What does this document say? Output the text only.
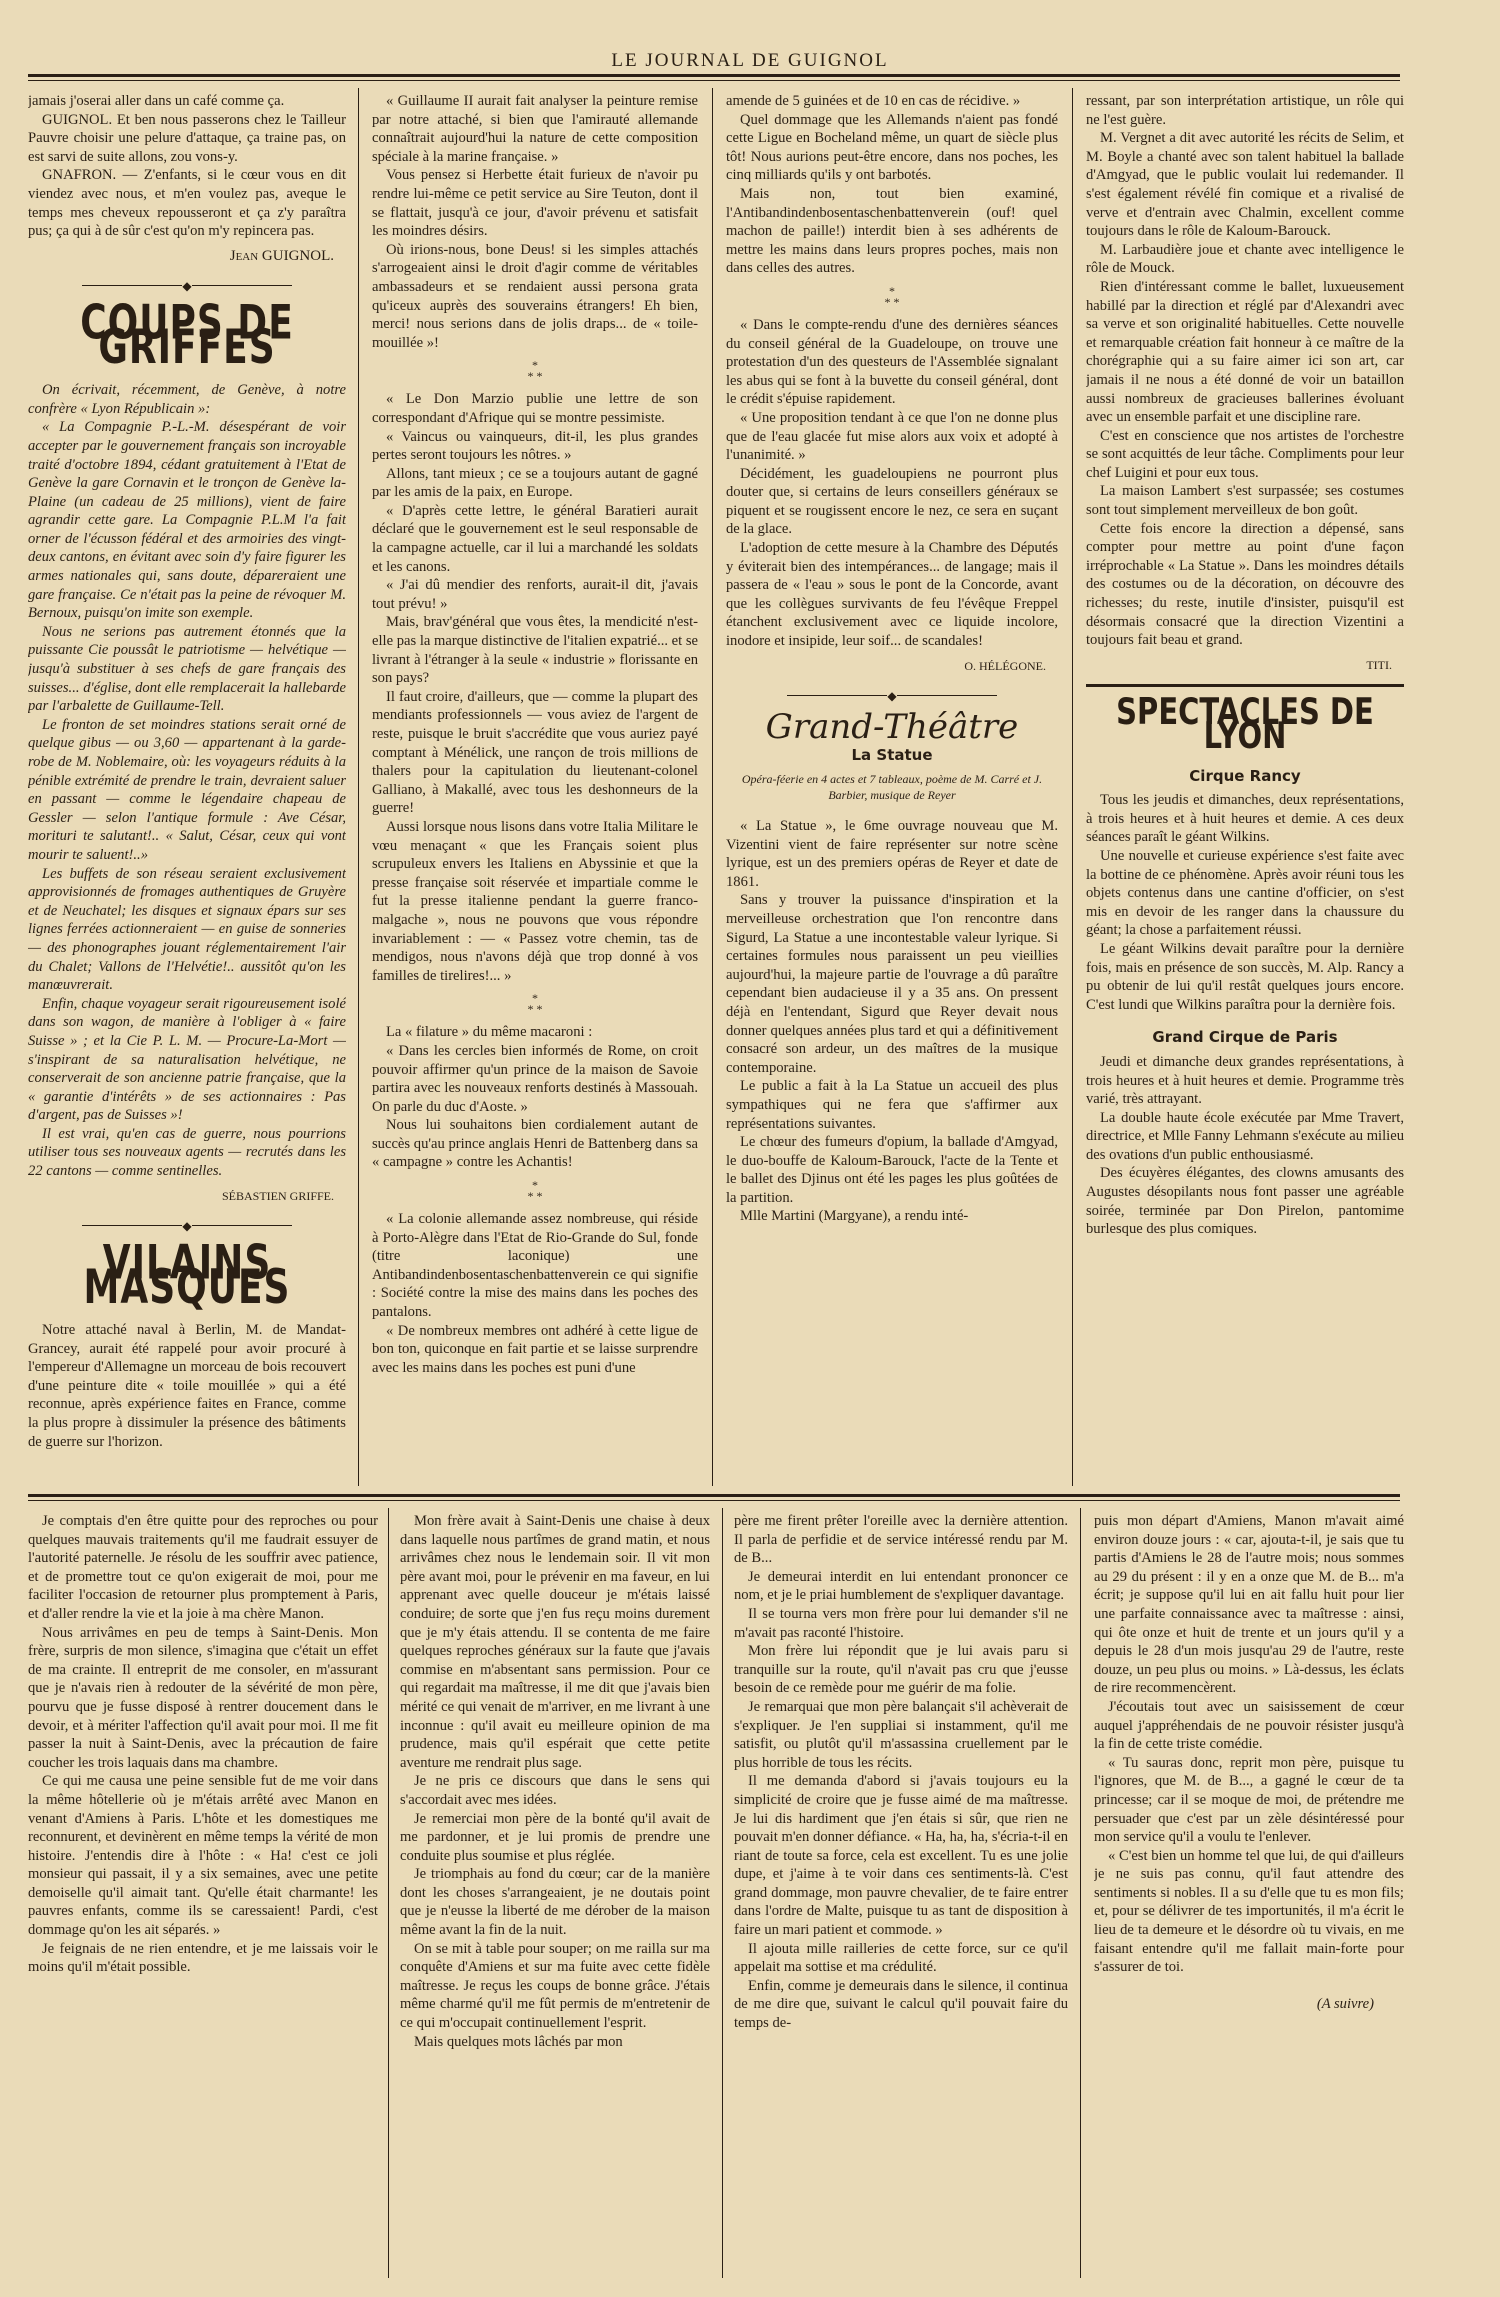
LE JOURNAL DE GUIGNOL

jamais j'oserai aller dans un café comme ça.

GUIGNOL. Et ben nous passerons chez le Tailleur Pauvre choisir une pelure d'attaque, ça traine pas, on est sarvi de suite allons, zou vons-y.

GNAFRON. — Z'enfants, si le cœur vous en dit viendez avec nous, et m'en voulez pas, aveque le temps mes cheveux repousseront et ça z'y paraîtra pus; ça qui à de sûr c'est qu'on m'y repincera pas.

Jean GUIGNOL.
◆
COUPS DE GRIFFES

On écrivait, récemment, de Genève, à notre confrère « Lyon Républicain »:

« La Compagnie P.-L.-M. désespérant de voir accepter par le gouvernement français son incroyable traité d'octobre 1894, cédant gratuitement à l'Etat de Genève la gare Cornavin et le tronçon de Genève la-Plaine (un cadeau de 25 millions), vient de faire agrandir cette gare. La Compagnie P.L.M l'a fait orner de l'écusson fédéral et des armoiries des vingt-deux cantons, en évitant avec soin d'y faire figurer les armes nationales qui, sans doute, dépareraient une gare française. Ce n'était pas la peine de révoquer M. Bernoux, puisqu'on imite son exemple.

Nous ne serions pas autrement étonnés que la puissante Cie poussât le patriotisme — helvétique — jusqu'à substituer à ses chefs de gare français des suisses... d'église, dont elle remplacerait la hallebarde par l'arbalette de Guillaume-Tell.

Le fronton de set moindres stations serait orné de quelque gibus — ou 3,60 — appartenant à la garde-robe de M. Noblemaire, où: les voyageurs réduits à la pénible extrémité de prendre le train, devraient saluer en passant — comme le légendaire chapeau de Gessler — selon l'antique formule : Ave César, morituri te salutant!.. « Salut, César, ceux qui vont mourir te saluent!..»

Les buffets de son réseau seraient exclusivement approvisionnés de fromages authentiques de Gruyère et de Neuchatel; les disques et signaux épars sur ses lignes ferrées actionneraient — en guise de sonneries — des phonographes jouant réglementairement l'air du Chalet; Vallons de l'Helvétie!.. aussitôt qu'on les manœuvrerait.

Enfin, chaque voyageur serait rigoureusement isolé dans son wagon, de manière à l'obliger à « faire Suisse » ; et la Cie P. L. M. — Procure-La-Mort — s'inspirant de sa naturalisation helvétique, ne conserverait de son ancienne patrie française, que la « garantie d'intérêts » de ses actionnaires : Pas d'argent, pas de Suisses »!

Il est vrai, qu'en cas de guerre, nous pourrions utiliser tous ses nouveaux agents — recrutés dans les 22 cantons — comme sentinelles.

SÉBASTIEN GRIFFE.
◆
VILAINS MASQUES

Notre attaché naval à Berlin, M. de Mandat-Grancey, aurait été rappelé pour avoir procuré à l'empereur d'Allemagne un morceau de bois recouvert d'une peinture dite « toile mouillée » qui a été reconnue, après expérience faites en France, comme la plus propre à dissimuler la présence des bâtiments de guerre sur l'horizon.

« Guillaume II aurait fait analyser la peinture remise par notre attaché, si bien que l'amirauté allemande connaîtrait aujourd'hui la nature de cette composition spéciale à la marine française. »

Vous pensez si Herbette était furieux de n'avoir pu rendre lui-même ce petit service au Sire Teuton, dont il se flattait, jusqu'à ce jour, d'avoir prévenu et satisfait les moindres désirs.

Où irions-nous, bone Deus! si les simples attachés s'arrogeaient ainsi le droit d'agir comme de véritables ambassadeurs et se rendaient aussi persona grata qu'iceux auprès des souverains étrangers! Eh bien, merci! nous serions dans de jolis draps... de « toile-mouillée »!

*
* *

« Le Don Marzio publie une lettre de son correspondant d'Afrique qui se montre pessimiste.

« Vaincus ou vainqueurs, dit-il, les plus grandes pertes seront toujours les nôtres. »

Allons, tant mieux ; ce se a toujours autant de gagné par les amis de la paix, en Europe.

« D'après cette lettre, le général Baratieri aurait déclaré que le gouvernement est le seul responsable de la campagne actuelle, car il lui a marchandé les soldats et les canons.

« J'ai dû mendier des renforts, aurait-il dit, j'avais tout prévu! »

Mais, brav'général que vous êtes, la mendicité n'est-elle pas la marque distinctive de l'italien expatrié... et se livrant à l'étranger à la seule « industrie » florissante en son pays?

Il faut croire, d'ailleurs, que — comme la plupart des mendiants professionnels — vous aviez de l'argent de reste, puisque le bruit s'accrédite que vous auriez payé comptant à Ménélick, une rançon de trois millions de thalers pour la capitulation du lieutenant-colonel Galliano, à Makallé, avec tous les deshonneurs de la guerre!

Aussi lorsque nous lisons dans votre Italia Militare le vœu menaçant « que les Français soient plus scrupuleux envers les Italiens en Abyssinie et que la presse française soit réservée et impartiale comme le fut la presse italienne pendant la guerre franco-malgache », nous ne pouvons que vous répondre invariablement : — « Passez votre chemin, tas de mendigos, nous n'avons déjà que trop donné à vos familles de tirelires!... »

*
* *

La « filature » du même macaroni :

« Dans les cercles bien informés de Rome, on croit pouvoir affirmer qu'un prince de la maison de Savoie partira avec les nouveaux renforts destinés à Massouah. On parle du duc d'Aoste. »

Nous lui souhaitons bien cordialement autant de succès qu'au prince anglais Henri de Battenberg dans sa « campagne » contre les Achantis!

*
* *

« La colonie allemande assez nombreuse, qui réside à Porto-Alègre dans l'Etat de Rio-Grande do Sul, fonde (titre laconique) une Antibandindenbosentaschenbattenverein ce qui signifie : Société contre la mise des mains dans les poches des pantalons.

« De nombreux membres ont adhéré à cette ligue de bon ton, quiconque en fait partie et se laisse surprendre avec les mains dans les poches est puni d'une

amende de 5 guinées et de 10 en cas de récidive. »

Quel dommage que les Allemands n'aient pas fondé cette Ligue en Bocheland même, un quart de siècle plus tôt! Nous aurions peut-être encore, dans nos poches, les cinq milliards qu'ils y ont barbotés.

Mais non, tout bien examiné, l'Antibandindenbosentaschenbattenverein (ouf! quel machon de paille!) interdit bien à ses adhérents de mettre les mains dans leurs propres poches, mais non dans celles des autres.

*
* *

« Dans le compte-rendu d'une des dernières séances du conseil général de la Guadeloupe, on trouve une protestation d'un des questeurs de l'Assemblée signalant les abus qui se font à la buvette du conseil général, dont le crédit s'épuise rapidement.

« Une proposition tendant à ce que l'on ne donne plus que de l'eau glacée fut mise alors aux voix et adopté à l'unanimité. »

Décidément, les guadeloupiens ne pourront plus douter que, si certains de leurs conseillers généraux se piquent et se rougissent encore le nez, ce sera en suçant de la glace.

L'adoption de cette mesure à la Chambre des Députés y éviterait bien des intempérances... de langage; mais il passera de « l'eau » sous le pont de la Concorde, avant que les collègues survivants de feu l'évêque Freppel étanchent exclusivement avec ce liquide incolore, inodore et insipide, leur soif... de scandales!

O. HÉLÉGONE.
◆
Grand-Théâtre
La Statue
Opéra-féerie en 4 actes et 7 tableaux, poème de M. Carré et J. Barbier, musique de Reyer

« La Statue », le 6me ouvrage nouveau que M. Vizentini vient de faire représenter sur notre scène lyrique, est un des premiers opéras de Reyer et date de 1861.

Sans y trouver la puissance d'inspiration et la merveilleuse orchestration que l'on rencontre dans Sigurd, La Statue a une incontestable valeur lyrique. Si certaines formules nous paraissent un peu vieillies aujourd'hui, la majeure partie de l'ouvrage a dû paraître cependant bien audacieuse il y a 35 ans. On pressent déjà en l'entendant, Sigurd que Reyer devait nous donner quelques années plus tard et qui a définitivement consacré son ardeur, un des maîtres de la musique contemporaine.

Le public a fait à la La Statue un accueil des plus sympathiques qui ne fera que s'affirmer aux représentations suivantes.

Le chœur des fumeurs d'opium, la ballade d'Amgyad, le duo-bouffe de Kaloum-Barouck, l'acte de la Tente et le ballet des Djinus ont été les pages les plus goûtées de la partition.

Mlle Martini (Margyane), a rendu inté-

ressant, par son interprétation artistique, un rôle qui ne l'est guère.

M. Vergnet a dit avec autorité les récits de Selim, et M. Boyle a chanté avec son talent habituel la ballade d'Amgyad, que le public voulait lui redemander. Il s'est également révélé fin comique et a rivalisé de verve et d'entrain avec Chalmin, excellent comme toujours dans le rôle de Kaloum-Barouck.

M. Larbaudière joue et chante avec intelligence le rôle de Mouck.

Rien d'intéressant comme le ballet, luxueusement habillé par la direction et réglé par d'Alexandri avec sa verve et son originalité habituelles. Cette nouvelle et remarquable création fait honneur à ce maître de la chorégraphie qui a su faire aimer ici son art, car jamais il ne nous a été donné de voir un bataillon aussi nombreux de gracieuses ballerines évoluant avec un ensemble parfait et une discipline rare.

C'est en conscience que nos artistes de l'orchestre se sont acquittés de leur tâche. Compliments pour leur chef Luigini et pour eux tous.

La maison Lambert s'est surpassée; ses costumes sont tout simplement merveilleux de bon goût.

Cette fois encore la direction a dépensé, sans compter pour mettre au point d'une façon irréprochable « La Statue ». Dans les moindres détails des costumes ou de la décoration, on découvre des richesses; du reste, inutile d'insister, puisqu'il est désormais consacré que la direction Vizentini a toujours fait beau et grand.

TITI.
SPECTACLES DE LYON
Cirque Rancy

Tous les jeudis et dimanches, deux représentations, à trois heures et à huit heures et demie. A ces deux séances paraît le géant Wilkins.

Une nouvelle et curieuse expérience s'est faite avec la bottine de ce phénomène. Après avoir réuni tous les objets contenus dans une cantine d'officier, on s'est mis en devoir de les ranger dans la chaussure du géant; la chose a parfaitement réussi.

Le géant Wilkins devait paraître pour la dernière fois, mais en présence de son succès, M. Alp. Rancy a pu obtenir de lui qu'il restât quelques jours encore. C'est lundi que Wilkins paraîtra pour la dernière fois.

Grand Cirque de Paris

Jeudi et dimanche deux grandes représentations, à trois heures et à huit heures et demie. Programme très varié, très attrayant.

La double haute école exécutée par Mme Travert, directrice, et Mlle Fanny Lehmann s'exécute au milieu des ovations d'un public enthousiasmé.

Des écuyères élégantes, des clowns amusants des Augustes désopilants nous font passer une agréable soirée, terminée par Don Pirelon, pantomime burlesque des plus comiques.

Je comptais d'en être quitte pour des reproches ou pour quelques mauvais traitements qu'il me faudrait essuyer de l'autorité paternelle. Je résolu de les souffrir avec patience, et de promettre tout ce qu'on exigerait de moi, pour me faciliter l'occasion de retourner plus promptement à Paris, et d'aller rendre la vie et la joie à ma chère Manon.

Nous arrivâmes en peu de temps à Saint-Denis. Mon frère, surpris de mon silence, s'imagina que c'était un effet de ma crainte. Il entreprit de me consoler, en m'assurant que je n'avais rien à redouter de la sévérité de mon père, pourvu que je fusse disposé à rentrer doucement dans le devoir, et à mériter l'affection qu'il avait pour moi. Il me fit passer la nuit à Saint-Denis, avec la précaution de faire coucher les trois laquais dans ma chambre.

Ce qui me causa une peine sensible fut de me voir dans la même hôtellerie où je m'étais arrêté avec Manon en venant d'Amiens à Paris. L'hôte et les domestiques me reconnurent, et devinèrent en même temps la vérité de mon histoire. J'entendis dire à l'hôte : « Ha! c'est ce joli monsieur qui passait, il y a six semaines, avec une petite demoiselle qu'il aimait tant. Qu'elle était charmante! les pauvres enfants, comme ils se caressaient! Pardi, c'est dommage qu'on les ait séparés. »

Je feignais de ne rien entendre, et je me laissais voir le moins qu'il m'était possible.

Mon frère avait à Saint-Denis une chaise à deux dans laquelle nous partîmes de grand matin, et nous arrivâmes chez nous le lendemain soir. Il vit mon père avant moi, pour le prévenir en ma faveur, en lui apprenant avec quelle douceur je m'étais laissé conduire; de sorte que j'en fus reçu moins durement que je m'y étais attendu. Il se contenta de me faire quelques reproches généraux sur la faute que j'avais commise en m'absentant sans permission. Pour ce qui regardait ma maîtresse, il me dit que j'avais bien mérité ce qui venait de m'arriver, en me livrant à une inconnue : qu'il avait eu meilleure opinion de ma prudence, mais qu'il espérait que cette petite aventure me rendrait plus sage.

Je ne pris ce discours que dans le sens qui s'accordait avec mes idées.

Je remerciai mon père de la bonté qu'il avait de me pardonner, et je lui promis de prendre une conduite plus soumise et plus réglée.

Je triomphais au fond du cœur; car de la manière dont les choses s'arrangeaient, je ne doutais point que je n'eusse la liberté de me dérober de la maison même avant la fin de la nuit.

On se mit à table pour souper; on me railla sur ma conquête d'Amiens et sur ma fuite avec cette fidèle maîtresse. Je reçus les coups de bonne grâce. J'étais même charmé qu'il me fût permis de m'entretenir de ce qui m'occupait continuellement l'esprit.

Mais quelques mots lâchés par mon

père me firent prêter l'oreille avec la dernière attention. Il parla de perfidie et de service intéressé rendu par M. de B...

Je demeurai interdit en lui entendant prononcer ce nom, et je le priai humblement de s'expliquer davantage.

Il se tourna vers mon frère pour lui demander s'il ne m'avait pas raconté l'histoire.

Mon frère lui répondit que je lui avais paru si tranquille sur la route, qu'il n'avait pas cru que j'eusse besoin de ce remède pour me guérir de ma folie.

Je remarquai que mon père balançait s'il achèverait de s'expliquer. Je l'en suppliai si instamment, qu'il me satisfit, ou plutôt qu'il m'assassina cruellement par le plus horrible de tous les récits.

Il me demanda d'abord si j'avais toujours eu la simplicité de croire que je fusse aimé de ma maîtresse. Je lui dis hardiment que j'en étais si sûr, que rien ne pouvait m'en donner défiance. « Ha, ha, ha, s'écria-t-il en riant de toute sa force, cela est excellent. Tu es une jolie dupe, et j'aime à te voir dans ces sentiments-là. C'est grand dommage, mon pauvre chevalier, de te faire entrer dans l'ordre de Malte, puisque tu as tant de disposition à faire un mari patient et commode. »

Il ajouta mille railleries de cette force, sur ce qu'il appelait ma sottise et ma crédulité.

Enfin, comme je demeurais dans le silence, il continua de me dire que, suivant le calcul qu'il pouvait faire du temps de-

puis mon départ d'Amiens, Manon m'avait aimé environ douze jours : « car, ajouta-t-il, je sais que tu partis d'Amiens le 28 de l'autre mois; nous sommes au 29 du présent : il y en a onze que M. de B... m'a écrit; je suppose qu'il lui en ait fallu huit pour lier une parfaite connaissance avec ta maîtresse : ainsi, qui ôte onze et huit de trente et un jours qu'il y a depuis le 28 d'un mois jusqu'au 29 de l'autre, reste douze, un peu plus ou moins. » Là-dessus, les éclats de rire recommencèrent.

J'écoutais tout avec un saisissement de cœur auquel j'appréhendais de ne pouvoir résister jusqu'à la fin de cette triste comédie.

« Tu sauras donc, reprit mon père, puisque tu l'ignores, que M. de B..., a gagné le cœur de ta princesse; car il se moque de moi, de prétendre me persuader que c'est par un zèle désintéressé pour mon service qu'il a voulu te l'enlever.

« C'est bien un homme tel que lui, de qui d'ailleurs je ne suis pas connu, qu'il faut attendre des sentiments si nobles. Il a su d'elle que tu es mon fils; et, pour se délivrer de tes importunités, il m'a écrit le lieu de ta demeure et le désordre où tu vivais, en me faisant entendre qu'il me fallait main-forte pour s'assurer de toi.

(A suivre)
